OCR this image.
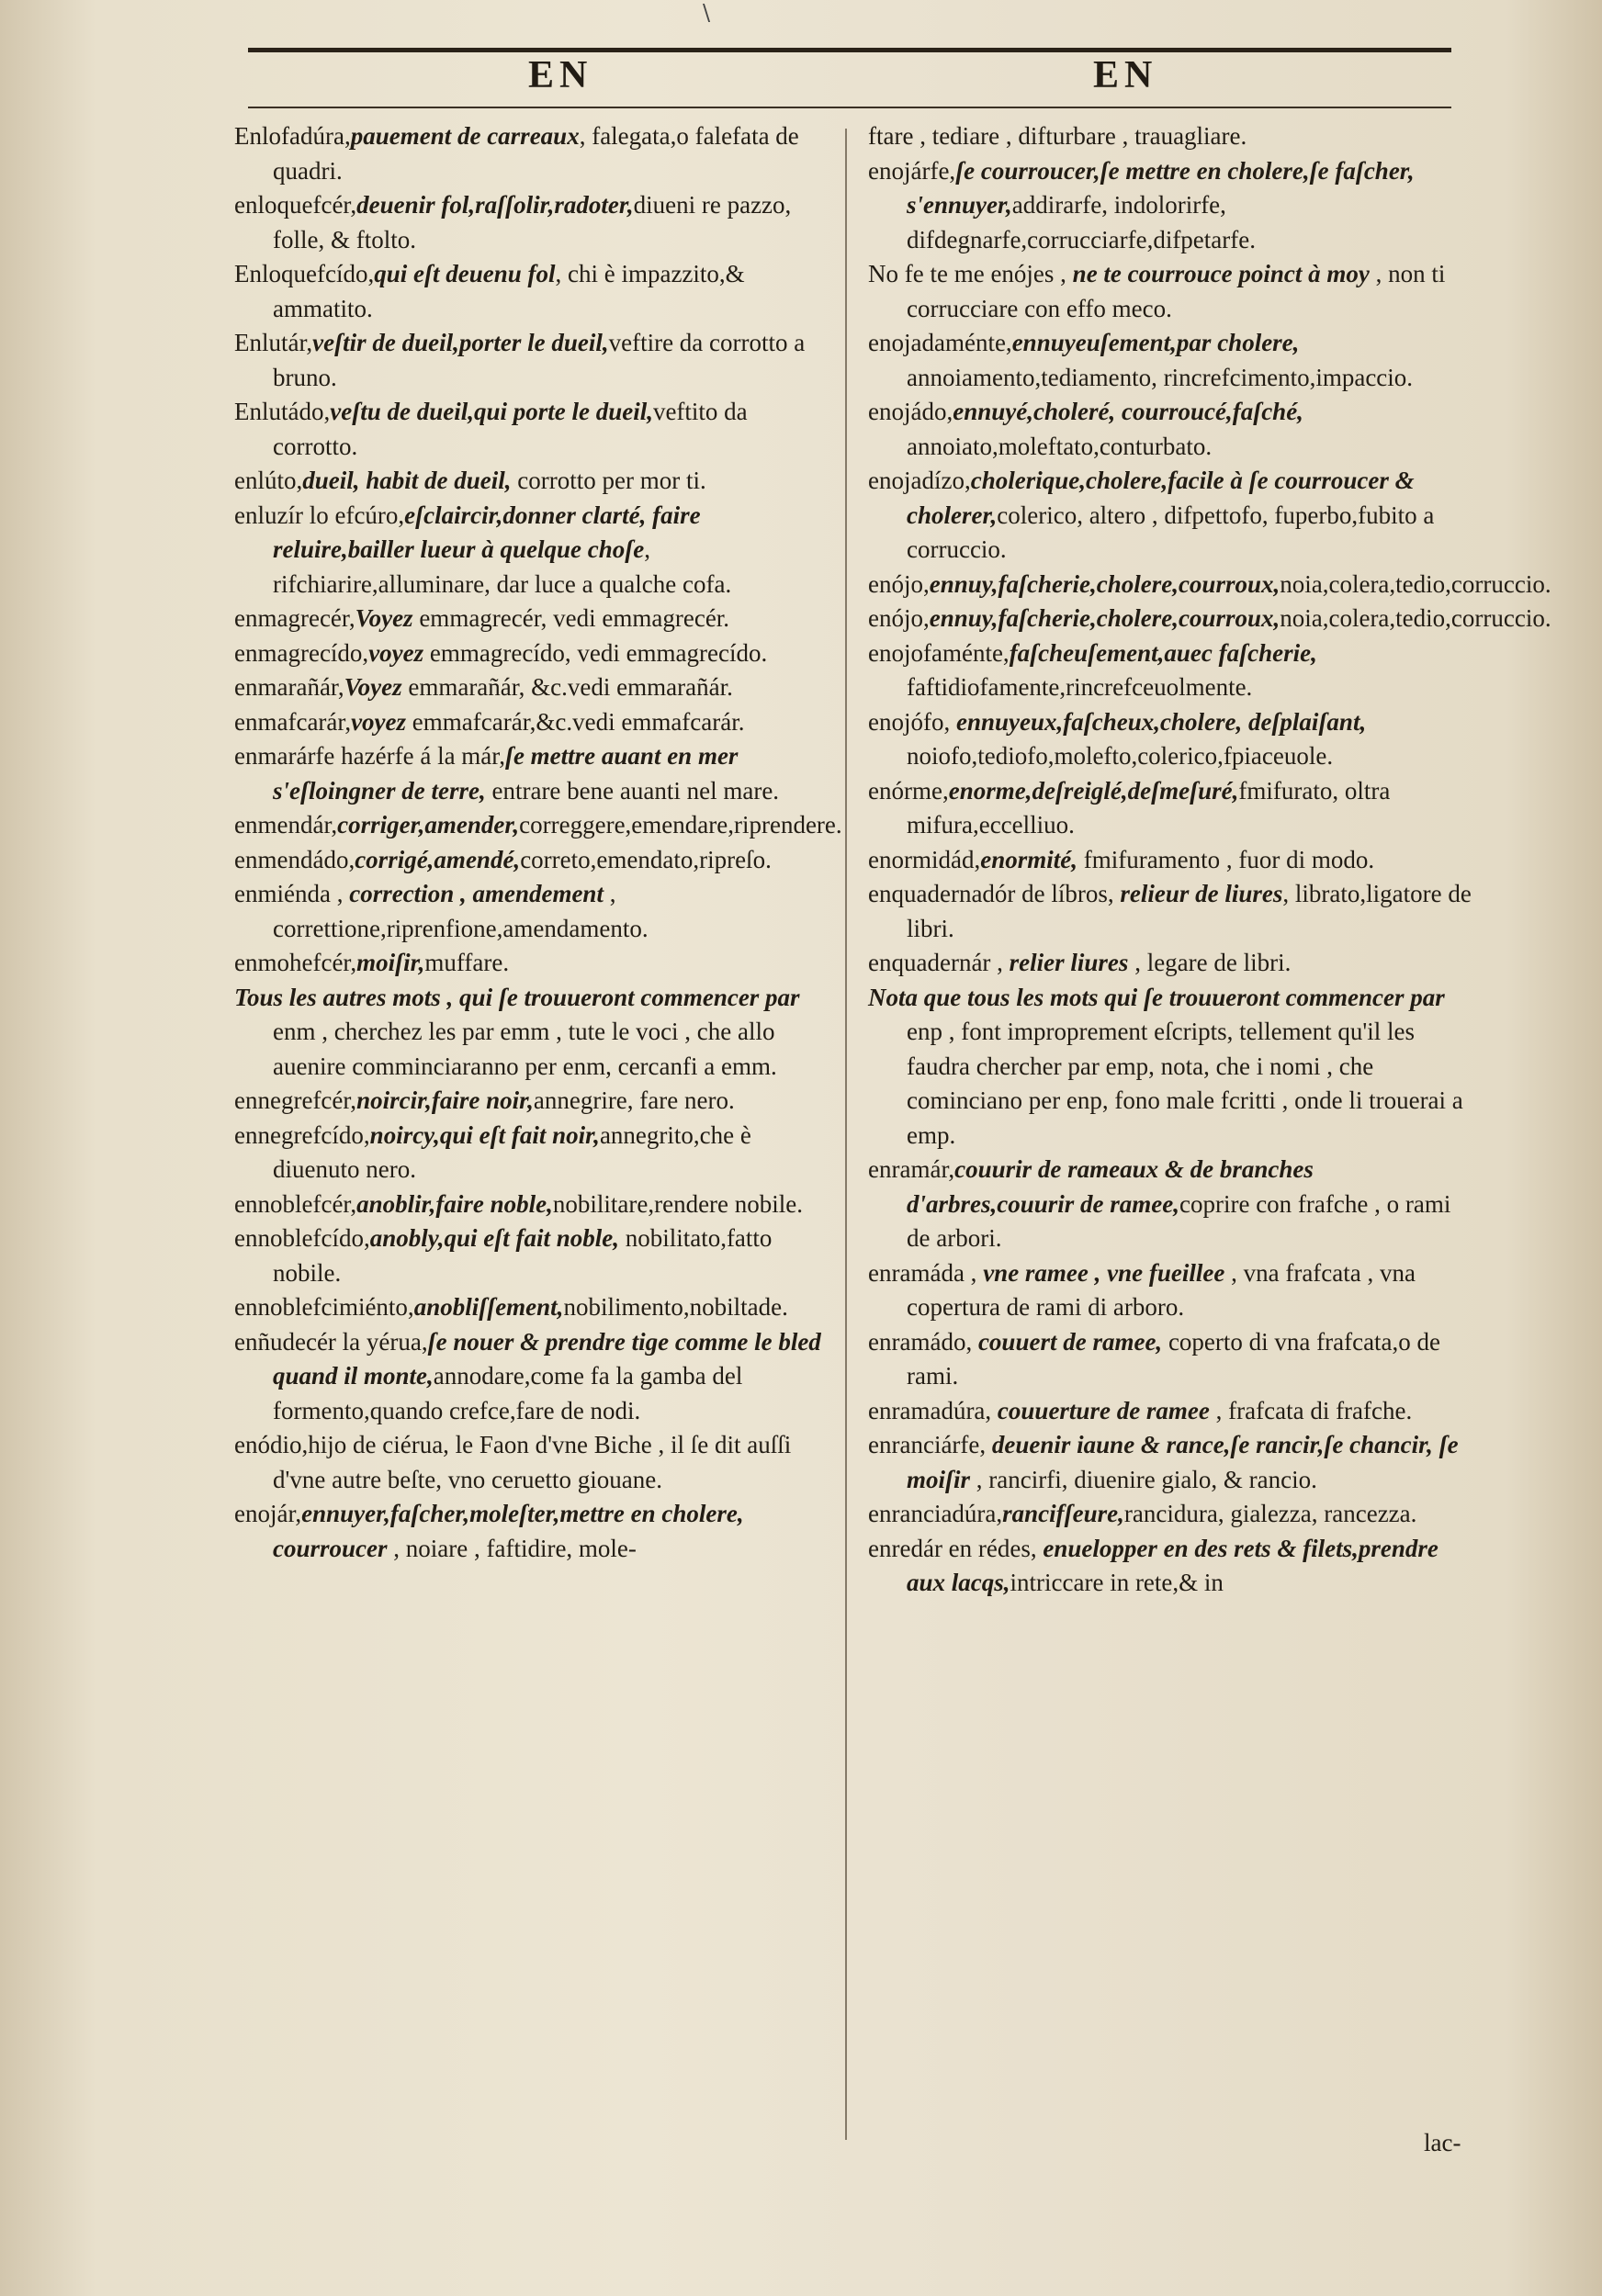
\
EN	EN

Enlofadúra,pauement de carreaux, falegata,o falefata de quadri.

enloquefcér,deuenir fol,raſſolir,radoter,diueni re pazzo, folle, & ftolto.

Enloquefcído,qui eſt deuenu fol, chi è impazzito,& ammatito.

Enlutár,veſtir de dueil,porter le dueil,veftire da corrotto a bruno.

Enlutádo,veſtu de dueil,qui porte le dueil,veftito da corrotto.

enlúto,dueil, habit de dueil, corrotto per mor ti.

enluzír lo efcúro,eſclaircir,donner clarté, faire reluire,bailler lueur à quelque choſe, rifchiarire,alluminare, dar luce a qualche cofa.

enmagrecér,Voyez emmagrecér, vedi emmagrecér.

enmagrecído,voyez emmagrecído, vedi emmagrecído.

enmarañár,Voyez emmarañár, &c.vedi emmarañár.

enmafcarár,voyez emmafcarár,&c.vedi emmafcarár.

enmarárfe hazérfe á la már,ſe mettre auant en mer s'eſloingner de terre, entrare bene auanti nel mare.

enmendár,corriger,amender,correggere,emendare,riprendere.

enmendádo,corrigé,amendé,correto,emendato,ripreſo.

enmiénda , correction , amendement , correttione,riprenfione,amendamento.

enmohefcér,moiſir,muffare.

Tous les autres mots , qui ſe trouueront commencer par enm , cherchez les par emm , tute le voci , che allo auenire comminciaranno per enm, cercanfi a emm.

ennegrefcér,noircir,faire noir,annegrire, fare nero.

ennegrefcído,noircy,qui eſt fait noir,annegrito,che è diuenuto nero.

ennoblefcér,anoblir,faire noble,nobilitare,rendere nobile.

ennoblefcído,anobly,qui eſt fait noble, nobilitato,fatto nobile.

ennoblefcimiénto,anobliſſement,nobilimento,nobiltade.

enñudecér la yérua,ſe nouer & prendre tige comme le bled quand il monte,annodare,come fa la gamba del formento,quando crefce,fare de nodi.

enódio,hijo de ciérua, le Faon d'vne Biche , il ſe dit auſſi d'vne autre beſte, vno ceruetto giouane.

enojár,ennuyer,faſcher,moleſter,mettre en cholere, courroucer , noiare , faftidire, mole-

ftare , tediare , difturbare , trauagliare.

enojárfe,ſe courroucer,ſe mettre en cholere,ſe faſcher, s'ennuyer,addirarfe, indolorirfe, difdegnarfe,corrucciarfe,difpetarfe.

No fe te me enójes , ne te courrouce poinct à moy , non ti corrucciare con effo meco.

enojadaménte,ennuyeuſement,par cholere, annoiamento,tediamento, rincrefcimento,impaccio.

enojádo,ennuyé,choleré, courroucé,faſché, annoiato,moleftato,conturbato.

enojadízo,cholerique,cholere,facile à ſe courroucer & cholerer,colerico, altero , difpettofo, fuperbo,fubito a corruccio.

enójo,ennuy,faſcherie,cholere,courroux,noia,colera,tedio,corruccio.

enójo,ennuy,faſcherie,cholere,courroux,noia,colera,tedio,corruccio.

enojofaménte,faſcheuſement,auec faſcherie, faftidiofamente,rincrefceuolmente.

enojófo, ennuyeux,faſcheux,cholere, deſplaiſant, noiofo,tediofo,molefto,colerico,fpiaceuole.

enórme,enorme,deſreiglé,deſmeſuré,fmifurato, oltra mifura,eccelliuo.

enormidád,enormité, fmifuramento , fuor di modo.

enquadernadór de líbros, relieur de liures, librato,ligatore de libri.

enquadernár , relier liures , legare de libri.

Nota que tous les mots qui ſe trouueront commencer par enp , font improprement eſcripts, tellement qu'il les faudra chercher par emp, nota, che i nomi , che cominciano per enp, fono male fcritti , onde li trouerai a emp.

enramár,couurir de rameaux & de branches d'arbres,couurir de ramee,coprire con frafche , o rami de arbori.

enramáda , vne ramee , vne fueillee , vna frafcata , vna copertura de rami di arboro.

enramádo, couuert de ramee, coperto di vna frafcata,o de rami.

enramadúra, couuerture de ramee , frafcata di frafche.

enranciárfe, deuenir iaune & rance,ſe rancir,ſe chancir, ſe moiſir , rancirfi, diuenire gialo, & rancio.

enranciadúra,rancifſeure,rancidura, gialezza, rancezza.

enredár en rédes, enuelopper en des rets & filets,prendre aux lacqs,intriccare in rete,& in

lac-
